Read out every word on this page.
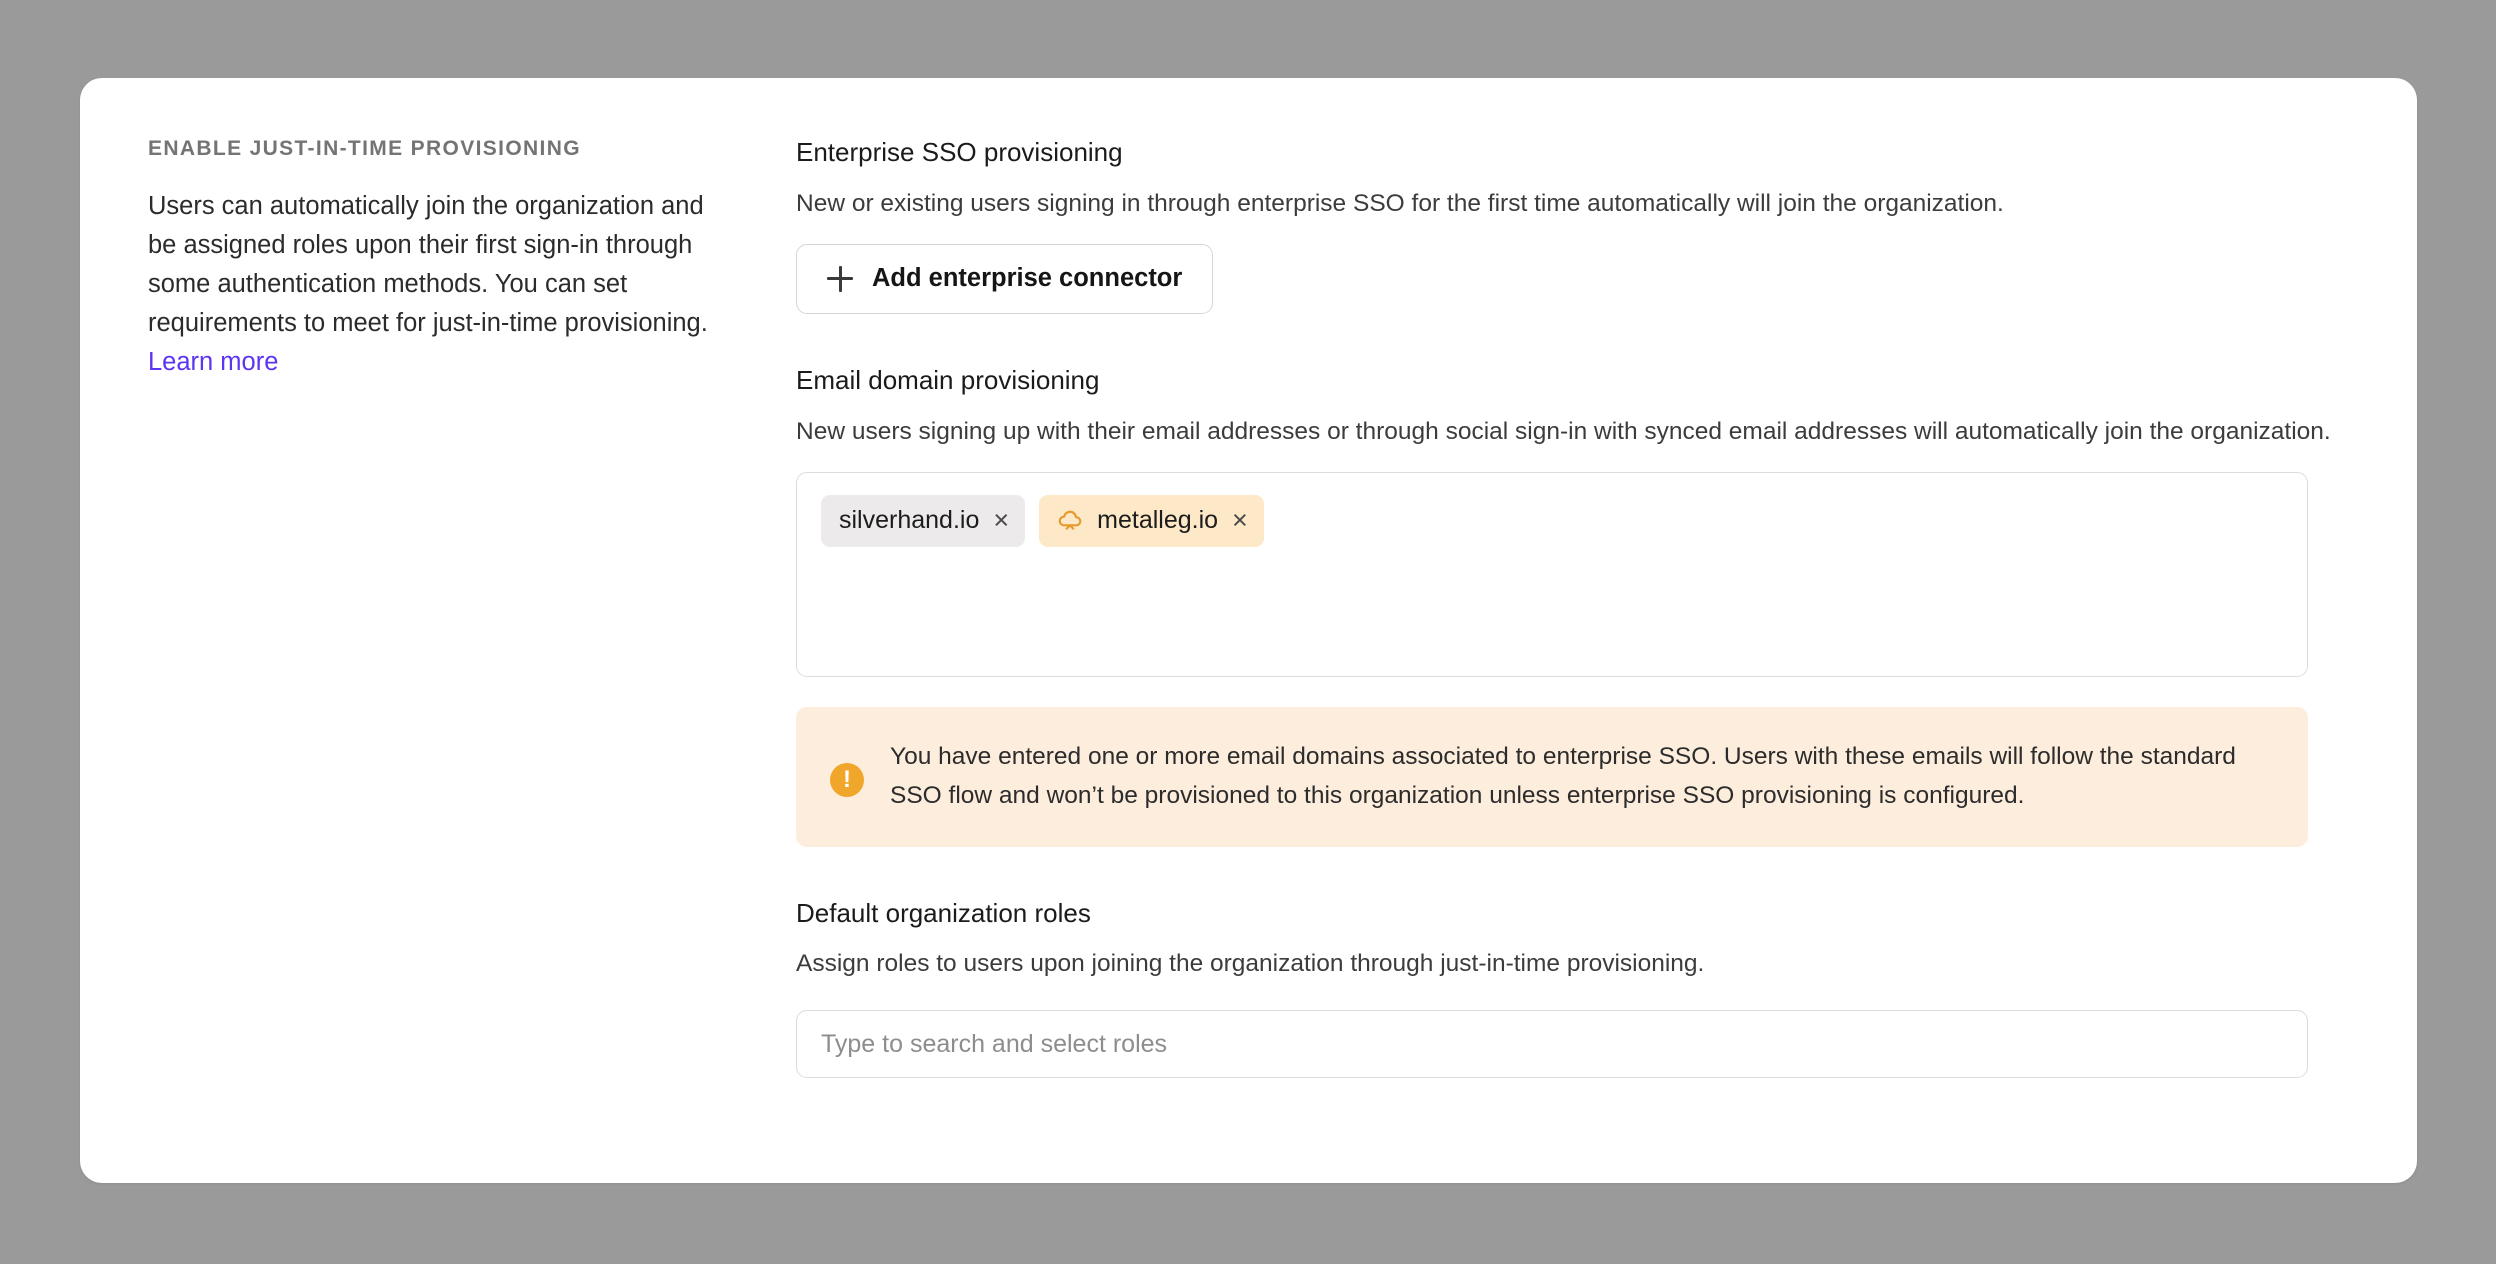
ENABLE JUST-IN-TIME PROVISIONING

Users can automatically join the organization and be assigned roles upon their first sign-in through some authentication methods. You can set requirements to meet for just-in-time provisioning. Learn more

Enterprise SSO provisioning

New or existing users signing in through enterprise SSO for the first time automatically will join the organization.

Add enterprise connector
Email domain provisioning

New users signing up with their email addresses or through social sign-in with synced email addresses will automatically join the organization.

silverhand.io ×	metalleg.io ×
!

You have entered one or more email domains associated to enterprise SSO. Users with these emails will follow the standard SSO flow and won’t be provisioned to this organization unless enterprise SSO provisioning is configured.

Default organization roles

Assign roles to users upon joining the organization through just-in-time provisioning.

Type to search and select roles
